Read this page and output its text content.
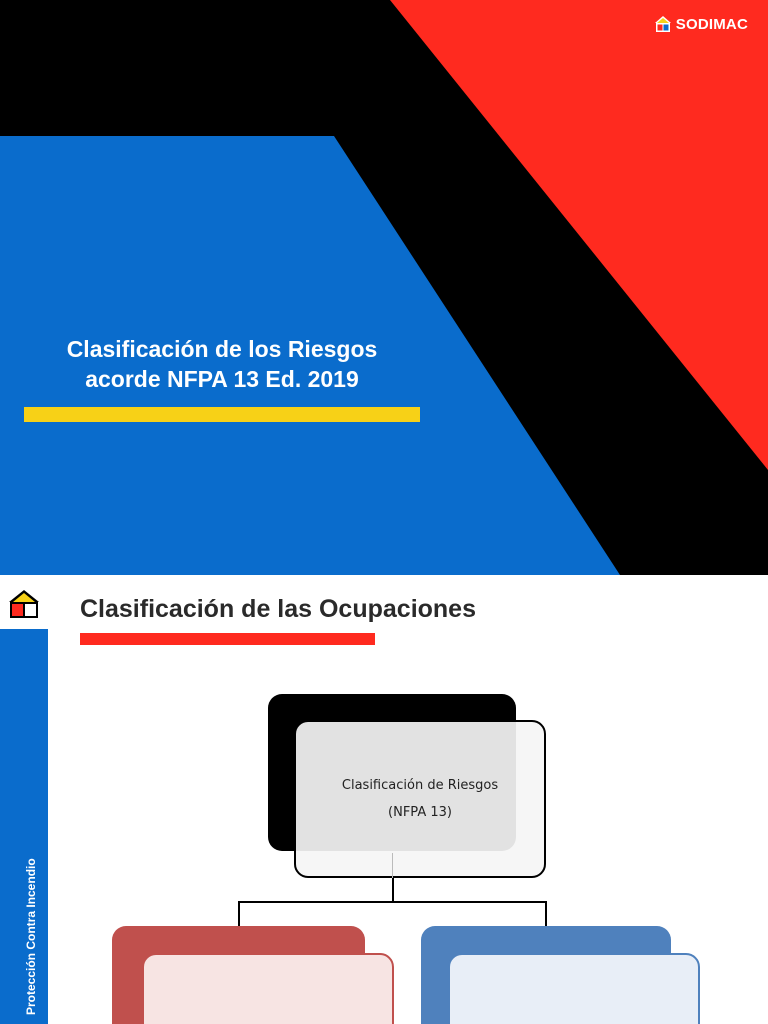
SODIMAC
Clasificación de los Riesgos
acorde NFPA 13 Ed. 2019
Protección Contra Incendio
Clasificación de las Ocupaciones
Clasificación de Riesgos
(NFPA 13)
